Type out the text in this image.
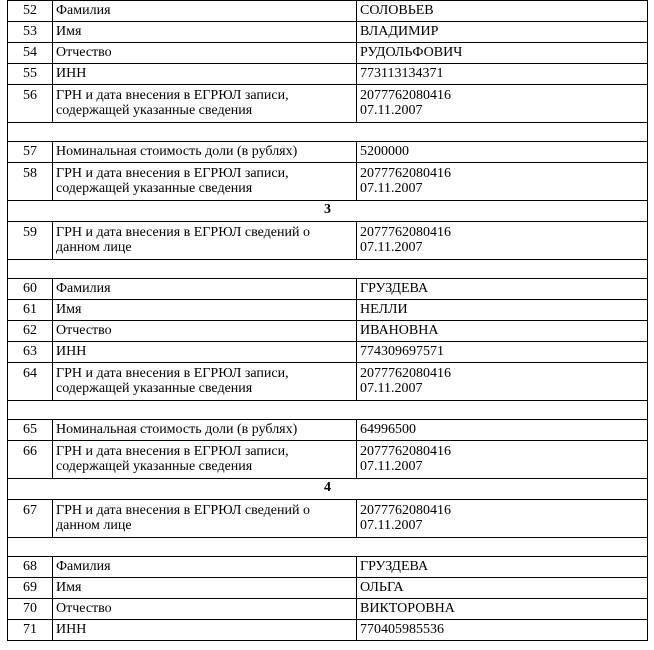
52	Фамилия	СОЛОВЬЕВ

53	Имя	ВЛАДИМИР

54	Отчество	РУДОЛЬФОВИЧ

55	ИНН	773113134371

56	ГРН и дата внесения в ЕГРЮЛ записи,
содержащей указанные сведения	2077762080416
07.11.2007

57	Номинальная стоимость доли (в рублях)	5200000

58	ГРН и дата внесения в ЕГРЮЛ записи,
содержащей указанные сведения	2077762080416
07.11.2007

3		
59	ГРН и дата внесения в ЕГРЮЛ сведений о
данном лице	2077762080416
07.11.2007

60	Фамилия	ГРУЗДЕВА

61	Имя	НЕЛЛИ

62	Отчество	ИВАНОВНА

63	ИНН	774309697571

64	ГРН и дата внесения в ЕГРЮЛ записи,
содержащей указанные сведения	2077762080416
07.11.2007

65	Номинальная стоимость доли (в рублях)	64996500

66	ГРН и дата внесения в ЕГРЮЛ записи,
содержащей указанные сведения	2077762080416
07.11.2007

4		
67	ГРН и дата внесения в ЕГРЮЛ сведений о
данном лице	2077762080416
07.11.2007

68	Фамилия	ГРУЗДЕВА

69	Имя	ОЛЬГА

70	Отчество	ВИКТОРОВНА

71	ИНН	770405985536
